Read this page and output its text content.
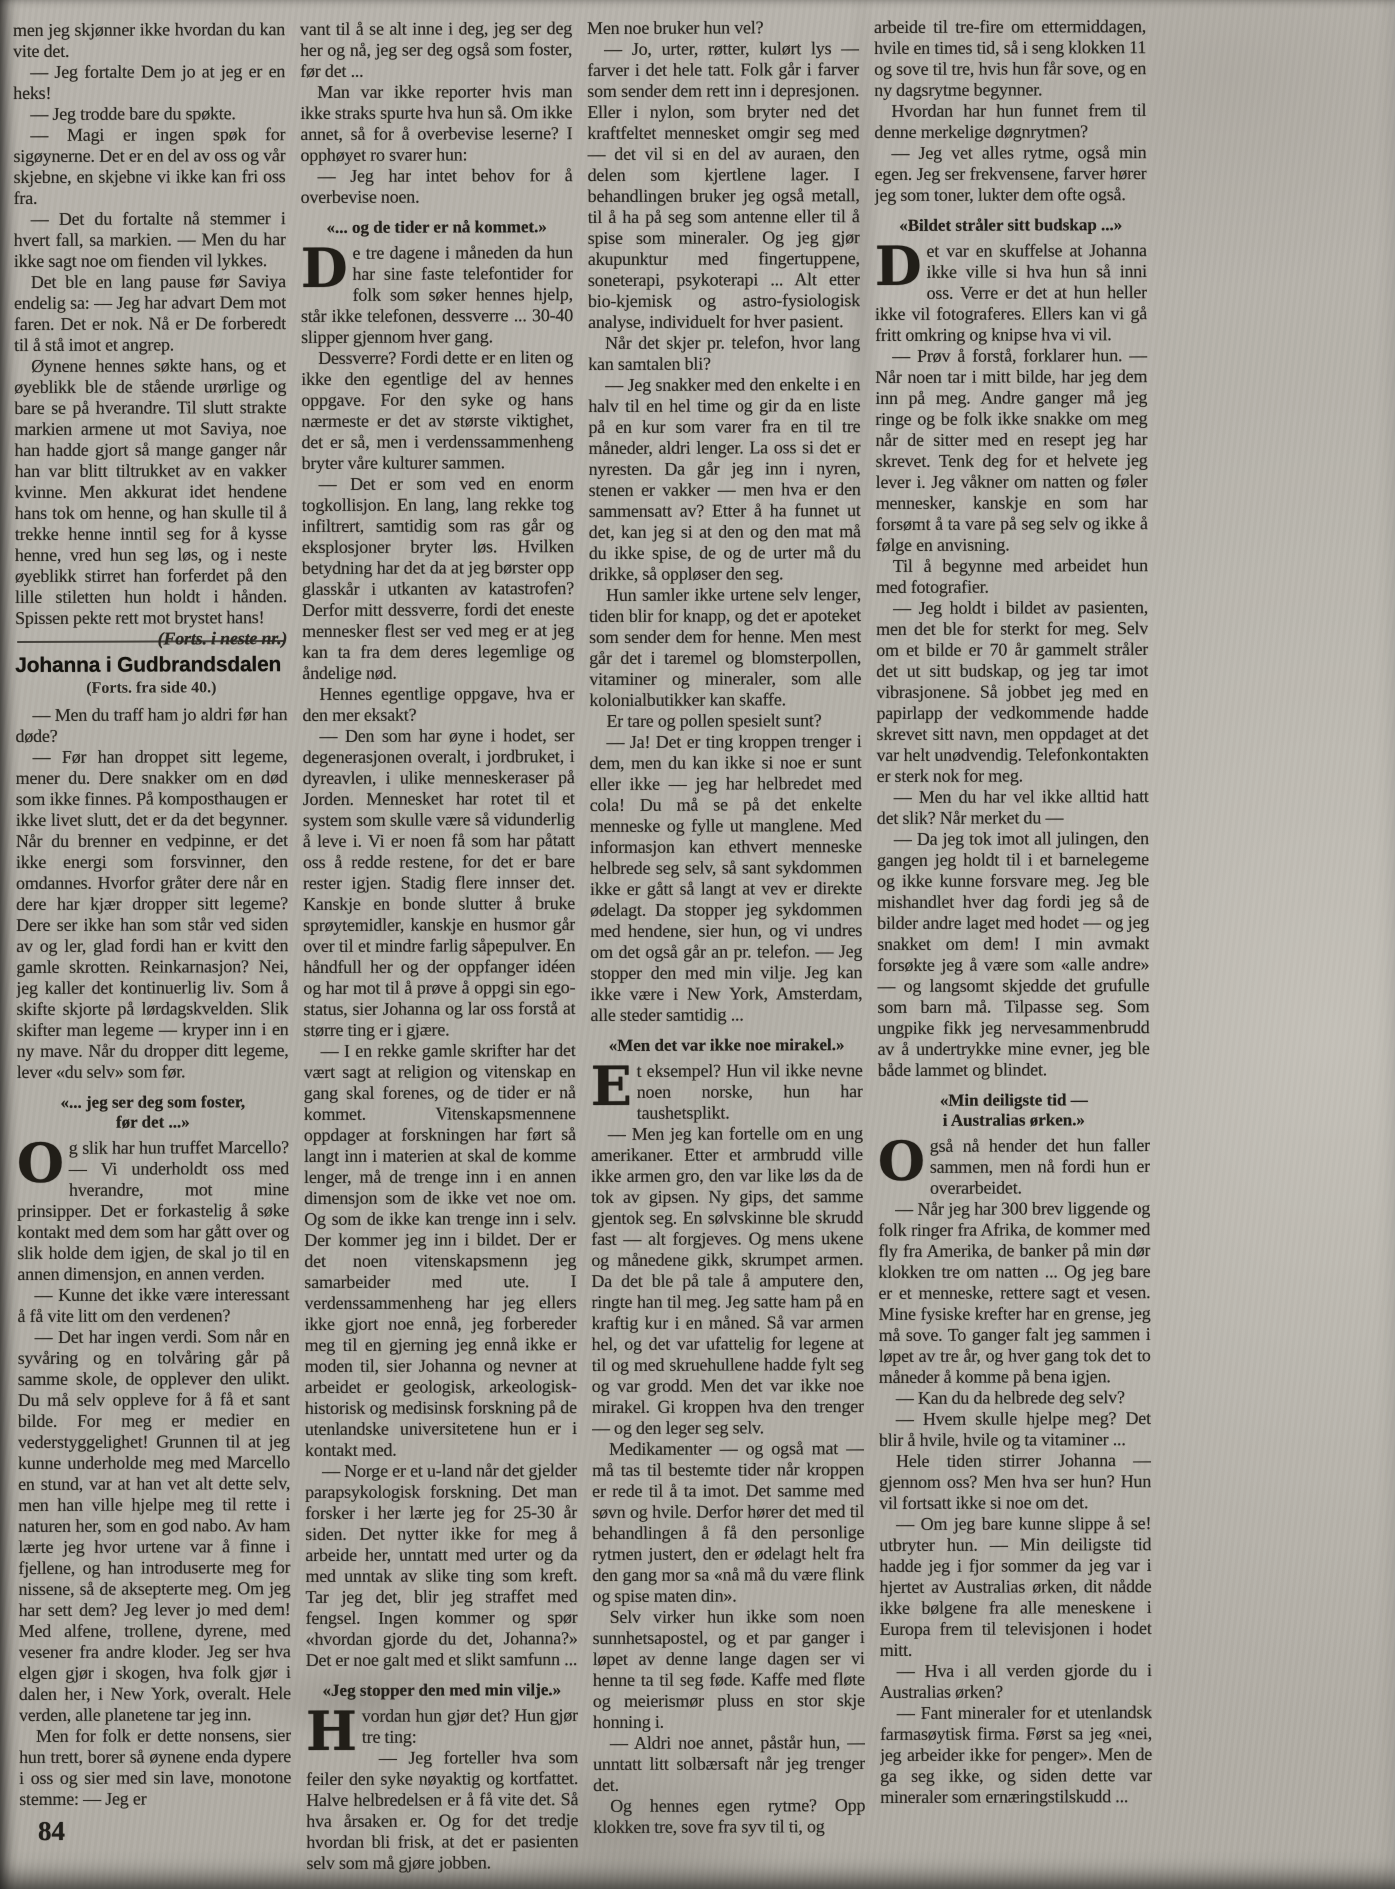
men jeg skjønner ikke hvordan du kan vite det.

— Jeg fortalte Dem jo at jeg er en heks!

— Jeg trodde bare du spøkte.

— Magi er ingen spøk for sigøynerne. Det er en del av oss og vår skjebne, en skjebne vi ikke kan fri oss fra.

— Det du fortalte nå stemmer i hvert fall, sa markien. — Men du har ikke sagt noe om fienden vil lykkes.

Det ble en lang pause før Saviya endelig sa: — Jeg har advart Dem mot faren. Det er nok. Nå er De forberedt til å stå imot et angrep.

Øynene hennes søkte hans, og et øyeblikk ble de stående urørlige og bare se på hverandre. Til slutt strakte markien armene ut mot Saviya, noe han hadde gjort så mange ganger når han var blitt tiltrukket av en vakker kvinne. Men akkurat idet hendene hans tok om henne, og han skulle til å trekke henne inntil seg for å kysse henne, vred hun seg løs, og i neste øyeblikk stirret han forferdet på den lille stiletten hun holdt i hånden. Spissen pekte rett mot brystet hans!
(Forts. i neste nr.)

Johanna i Gudbrandsdalen
(Forts. fra side 40.)

— Men du traff ham jo aldri før han døde?

— Før han droppet sitt legeme, mener du. Dere snakker om en død som ikke finnes. På komposthaugen er ikke livet slutt, det er da det begynner. Når du brenner en vedpinne, er det ikke energi som forsvinner, den omdannes. Hvorfor gråter dere når en dere har kjær dropper sitt legeme? Dere ser ikke han som står ved siden av og ler, glad fordi han er kvitt den gamle skrotten. Reinkarnasjon? Nei, jeg kaller det kontinuerlig liv. Som å skifte skjorte på lørdagskvelden. Slik skifter man legeme — kryper inn i en ny mave. Når du dropper ditt legeme, lever «du selv» som før.

«... jeg ser deg som foster,
før det ...»

Og slik har hun truffet Marcello? — Vi underholdt oss med hverandre, mot mine prinsipper. Det er forkastelig å søke kontakt med dem som har gått over og slik holde dem igjen, de skal jo til en annen dimensjon, en annen verden.

— Kunne det ikke være interessant å få vite litt om den verdenen?

— Det har ingen verdi. Som når en syvåring og en tolvåring går på samme skole, de opplever den ulikt. Du må selv oppleve for å få et sant bilde. For meg er medier en vederstyggelighet! Grunnen til at jeg kunne underholde meg med Marcello en stund, var at han vet alt dette selv, men han ville hjelpe meg til rette i naturen her, som en god nabo. Av ham lærte jeg hvor urtene var å finne i fjellene, og han introduserte meg for nissene, så de aksepterte meg. Om jeg har sett dem? Jeg lever jo med dem! Med alfene, trollene, dyrene, med vesener fra andre kloder. Jeg ser hva elgen gjør i skogen, hva folk gjør i dalen her, i New York, overalt. Hele verden, alle planetene tar jeg inn.

Men for folk er dette nonsens, sier hun trett, borer så øynene enda dypere i oss og sier med sin lave, monotone stemme: — Jeg er

vant til å se alt inne i deg, jeg ser deg her og nå, jeg ser deg også som foster, før det ...

Man var ikke reporter hvis man ikke straks spurte hva hun så. Om ikke annet, så for å overbevise leserne? I opphøyet ro svarer hun:

— Jeg har intet behov for å overbevise noen.

«... og de tider er nå kommet.»

De tre dagene i måneden da hun har sine faste telefontider for folk som søker hennes hjelp, står ikke telefonen, dessverre ... 30-40 slipper gjennom hver gang.

Dessverre? Fordi dette er en liten og ikke den egentlige del av hennes oppgave. For den syke og hans nærmeste er det av største viktighet, det er så, men i verdenssammenheng bryter våre kulturer sammen.

— Det er som ved en enorm togkollisjon. En lang, lang rekke tog infiltrert, samtidig som ras går og eksplosjoner bryter løs. Hvilken betydning har det da at jeg børster opp glasskår i utkanten av katastrofen? Derfor mitt dessverre, fordi det eneste mennesker flest ser ved meg er at jeg kan ta fra dem deres legemlige og åndelige nød.

Hennes egentlige oppgave, hva er den mer eksakt?

— Den som har øyne i hodet, ser degenerasjonen overalt, i jordbruket, i dyreavlen, i ulike menneskeraser på Jorden. Mennesket har rotet til et system som skulle være så vidunderlig å leve i. Vi er noen få som har påtatt oss å redde restene, for det er bare rester igjen. Stadig flere innser det. Kanskje en bonde slutter å bruke sprøytemidler, kanskje en husmor går over til et mindre farlig såpepulver. En håndfull her og der oppfanger idéen og har mot til å prøve å oppgi sin ego-status, sier Johanna og lar oss forstå at større ting er i gjære.

— I en rekke gamle skrifter har det vært sagt at religion og vitenskap en gang skal forenes, og de tider er nå kommet. Vitenskapsmennene oppdager at forskningen har ført så langt inn i materien at skal de komme lenger, må de trenge inn i en annen dimensjon som de ikke vet noe om. Og som de ikke kan trenge inn i selv. Der kommer jeg inn i bildet. Der er det noen vitenskapsmenn jeg samarbeider med ute. I verdenssammenheng har jeg ellers ikke gjort noe ennå, jeg forbereder meg til en gjerning jeg ennå ikke er moden til, sier Johanna og nevner at arbeidet er geologisk, arkeologisk-historisk og medisinsk forskning på de utenlandske universitetene hun er i kontakt med.

— Norge er et u-land når det gjelder parapsykologisk forskning. Det man forsker i her lærte jeg for 25-30 år siden. Det nytter ikke for meg å arbeide her, unntatt med urter og da med unntak av slike ting som kreft. Tar jeg det, blir jeg straffet med fengsel. Ingen kommer og spør «hvordan gjorde du det, Johanna?» Det er noe galt med et slikt samfunn ...

«Jeg stopper den med min vilje.»

Hvordan hun gjør det? Hun gjør tre ting:

— Jeg forteller hva som feiler den syke nøyaktig og kortfattet. Halve helbredelsen er å få vite det. Så hva årsaken er. Og for det tredje hvordan bli frisk, at det er pasienten selv som må gjøre jobben.

Men noe bruker hun vel?

— Jo, urter, røtter, kulørt lys — farver i det hele tatt. Folk går i farver som sender dem rett inn i depresjonen. Eller i nylon, som bryter ned det kraftfeltet mennesket omgir seg med — det vil si en del av auraen, den delen som kjertlene lager. I behandlingen bruker jeg også metall, til å ha på seg som antenne eller til å spise som mineraler. Og jeg gjør akupunktur med fingertuppene, soneterapi, psykoterapi ... Alt etter bio-kjemisk og astro-fysiologisk analyse, individuelt for hver pasient.

Når det skjer pr. telefon, hvor lang kan samtalen bli?

— Jeg snakker med den enkelte i en halv til en hel time og gir da en liste på en kur som varer fra en til tre måneder, aldri lenger. La oss si det er nyresten. Da går jeg inn i nyren, stenen er vakker — men hva er den sammensatt av? Etter å ha funnet ut det, kan jeg si at den og den mat må du ikke spise, de og de urter må du drikke, så oppløser den seg.

Hun samler ikke urtene selv lenger, tiden blir for knapp, og det er apoteket som sender dem for henne. Men mest går det i taremel og blomsterpollen, vitaminer og mineraler, som alle kolonialbutikker kan skaffe.

Er tare og pollen spesielt sunt?

— Ja! Det er ting kroppen trenger i dem, men du kan ikke si noe er sunt eller ikke — jeg har helbredet med cola! Du må se på det enkelte menneske og fylle ut manglene. Med informasjon kan ethvert menneske helbrede seg selv, så sant sykdommen ikke er gått så langt at vev er direkte ødelagt. Da stopper jeg sykdommen med hendene, sier hun, og vi undres om det også går an pr. telefon. — Jeg stopper den med min vilje. Jeg kan ikke være i New York, Amsterdam, alle steder samtidig ...

«Men det var ikke noe mirakel.»

Et eksempel? Hun vil ikke nevne noen norske, hun har taushetsplikt.

— Men jeg kan fortelle om en ung amerikaner. Etter et armbrudd ville ikke armen gro, den var like løs da de tok av gipsen. Ny gips, det samme gjentok seg. En sølvskinne ble skrudd fast — alt forgjeves. Og mens ukene og månedene gikk, skrumpet armen. Da det ble på tale å amputere den, ringte han til meg. Jeg satte ham på en kraftig kur i en måned. Så var armen hel, og det var ufattelig for legene at til og med skruehullene hadde fylt seg og var grodd. Men det var ikke noe mirakel. Gi kroppen hva den trenger — og den leger seg selv.

Medikamenter — og også mat — må tas til bestemte tider når kroppen er rede til å ta imot. Det samme med søvn og hvile. Derfor hører det med til behandlingen å få den personlige rytmen justert, den er ødelagt helt fra den gang mor sa «nå må du være flink og spise maten din».

Selv virker hun ikke som noen sunnhetsapostel, og et par ganger i løpet av denne lange dagen ser vi henne ta til seg føde. Kaffe med fløte og meierismør pluss en stor skje honning i.

— Aldri noe annet, påstår hun, — unntatt litt solbærsaft når jeg trenger det.

Og hennes egen rytme? Opp klokken tre, sove fra syv til ti, og

arbeide til tre-fire om ettermiddagen, hvile en times tid, så i seng klokken 11 og sove til tre, hvis hun får sove, og en ny dagsrytme begynner.

Hvordan har hun funnet frem til denne merkelige døgnrytmen?

— Jeg vet alles rytme, også min egen. Jeg ser frekvensene, farver hører jeg som toner, lukter dem ofte også.

«Bildet stråler sitt budskap ...»

Det var en skuffelse at Johanna ikke ville si hva hun så inni oss. Verre er det at hun heller ikke vil fotograferes. Ellers kan vi gå fritt omkring og knipse hva vi vil.

— Prøv å forstå, forklarer hun. — Når noen tar i mitt bilde, har jeg dem inn på meg. Andre ganger må jeg ringe og be folk ikke snakke om meg når de sitter med en resept jeg har skrevet. Tenk deg for et helvete jeg lever i. Jeg våkner om natten og føler mennesker, kanskje en som har forsømt å ta vare på seg selv og ikke å følge en anvisning.

Til å begynne med arbeidet hun med fotografier.

— Jeg holdt i bildet av pasienten, men det ble for sterkt for meg. Selv om et bilde er 70 år gammelt stråler det ut sitt budskap, og jeg tar imot vibrasjonene. Så jobbet jeg med en papirlapp der vedkommende hadde skrevet sitt navn, men oppdaget at det var helt unødvendig. Telefonkontakten er sterk nok for meg.

— Men du har vel ikke alltid hatt det slik? Når merket du —

— Da jeg tok imot all julingen, den gangen jeg holdt til i et barnelegeme og ikke kunne forsvare meg. Jeg ble mishandlet hver dag fordi jeg så de bilder andre laget med hodet — og jeg snakket om dem! I min avmakt forsøkte jeg å være som «alle andre» — og langsomt skjedde det grufulle som barn må. Tilpasse seg. Som ungpike fikk jeg nervesammenbrudd av å undertrykke mine evner, jeg ble både lammet og blindet.

«Min deiligste tid —
i Australias ørken.»

Også nå hender det hun faller sammen, men nå fordi hun er overarbeidet.

— Når jeg har 300 brev liggende og folk ringer fra Afrika, de kommer med fly fra Amerika, de banker på min dør klokken tre om natten ... Og jeg bare er et menneske, rettere sagt et vesen. Mine fysiske krefter har en grense, jeg må sove. To ganger falt jeg sammen i løpet av tre år, og hver gang tok det to måneder å komme på bena igjen.

— Kan du da helbrede deg selv?

— Hvem skulle hjelpe meg? Det blir å hvile, hvile og ta vitaminer ...

Hele tiden stirrer Johanna — gjennom oss? Men hva ser hun? Hun vil fortsatt ikke si noe om det.

— Om jeg bare kunne slippe å se! utbryter hun. — Min deiligste tid hadde jeg i fjor sommer da jeg var i hjertet av Australias ørken, dit nådde ikke bølgene fra alle meneskene i Europa frem til televisjonen i hodet mitt.

— Hva i all verden gjorde du i Australias ørken?

— Fant mineraler for et utenlandsk farmasøytisk firma. Først sa jeg «nei, jeg arbeider ikke for penger». Men de ga seg ikke, og siden dette var mineraler som ernæringstilskudd ...

84
